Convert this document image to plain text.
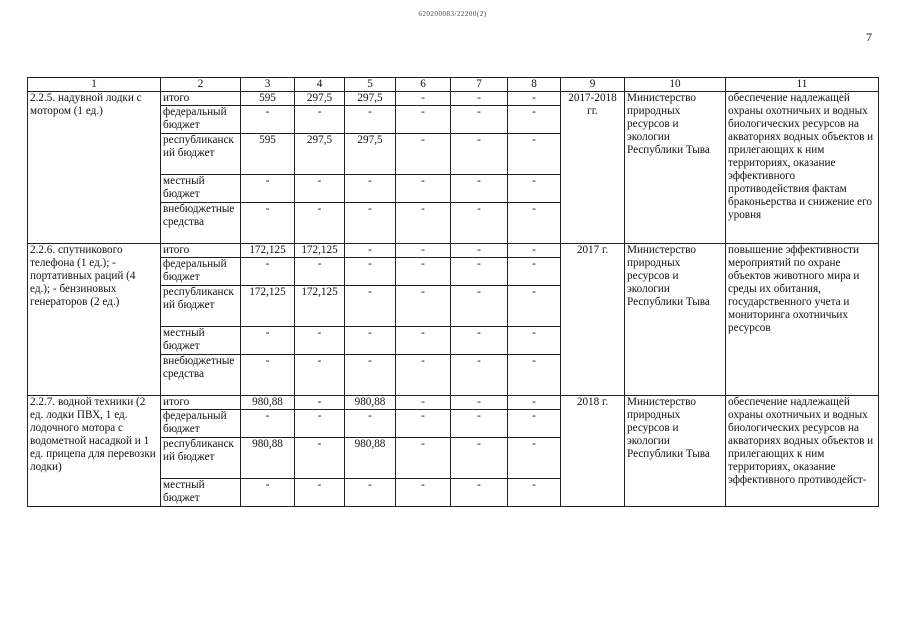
620200083/22200(2)
7
1	2	3	4	5	6	7	8	9	10	11
2.2.5. надувной лодки с мотором (1 ед.)	итого	595	297,5	297,5	-	-	-	2017-2018 гг.	Министерство природных ресурсов и экологии Республики Тыва	обеспечение надлежащей охраны охотничьих и водных биологических ресурсов на акваториях водных объектов и прилегающих к ним территориях, оказание эффективного противодействия фактам браконьерства и снижение его уровня
	федеральный бюджет	-	-	-	-	-	-			
	республиканский бюджет	595	297,5	297,5	-	-	-			
	местный бюджет	-	-	-	-	-	-			
	внебюджетные средства	-	-	-	-	-	-			
2.2.6. спутникового телефона (1 ед.); - портативных раций (4 ед.); - бензиновых генераторов (2 ед.)	итого	172,125	172,125	-	-	-	-	2017 г.	Министерство природных ресурсов и экологии Республики Тыва	повышение эффективности мероприятий по охране объектов животного мира и среды их обитания, государственного учета и мониторинга охотничьих ресурсов
	федеральный бюджет	-	-	-	-	-	-			
	республиканский бюджет	172,125	172,125	-	-	-	-			
	местный бюджет	-	-	-	-	-	-			
	внебюджетные средства	-	-	-	-	-	-			
2.2.7. водной техники (2 ед. лодки ПВХ, 1 ед. лодочного мотора с водометной насадкой и 1 ед. прицепа для перевозки лодки)	итого	980,88	-	980,88	-	-	-	2018 г.	Министерство природных ресурсов и экологии Республики Тыва	обеспечение надлежащей охраны охотничьих и водных биологических ресурсов на акваториях водных объектов и прилегающих к ним территориях, оказание эффективного противодейст-
	федеральный бюджет	-	-	-	-	-	-			
	республиканский бюджет	980,88	-	980,88	-	-	-			
	местный бюджет	-	-	-	-	-	-			
